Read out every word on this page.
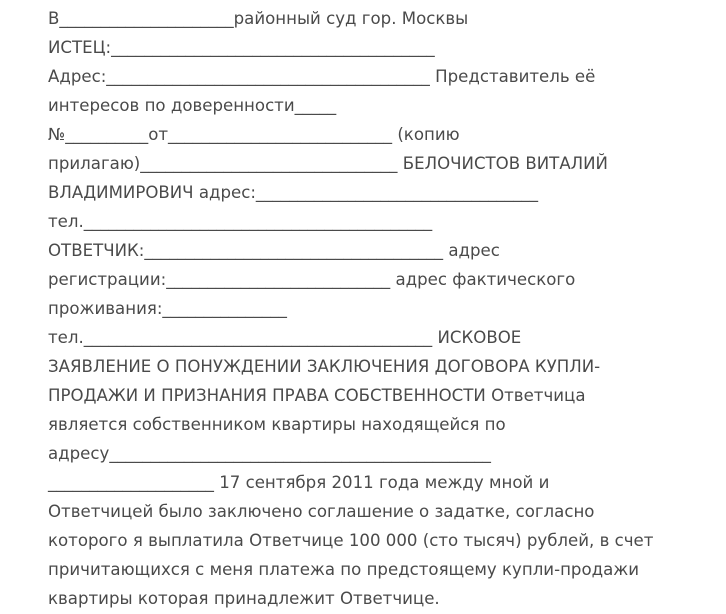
В_____________________районный суд гор. Москвы
ИСТЕЦ:_______________________________________
Адрес:_______________________________________ Представитель её
интересов по доверенности_____
№__________от___________________________ (копию
прилагаю)_______________________________ БЕЛОЧИСТОВ ВИТАЛИЙ
ВЛАДИМИРОВИЧ адрес:__________________________________
тел.__________________________________________
ОТВЕТЧИК:____________________________________ адрес
регистрации:___________________________ адрес фактического
проживания:_______________
тел.__________________________________________ ИСКОВОЕ
ЗАЯВЛЕНИЕ О ПОНУЖДЕНИИ ЗАКЛЮЧЕНИЯ ДОГОВОРА КУПЛИ-
ПРОДАЖИ И ПРИЗНАНИЯ ПРАВА СОБСТВЕННОСТИ Ответчица
является собственником квартиры находящейся по
адресу______________________________________________
____________________ 17 сентября 2011 года между мной и
Ответчицей было заключено соглашение о задатке, согласно
которого я выплатила Ответчице 100 000 (сто тысяч) рублей, в счет
причитающихся с меня платежа по предстоящему купли-продажи
квартиры которая принадлежит Ответчице.
